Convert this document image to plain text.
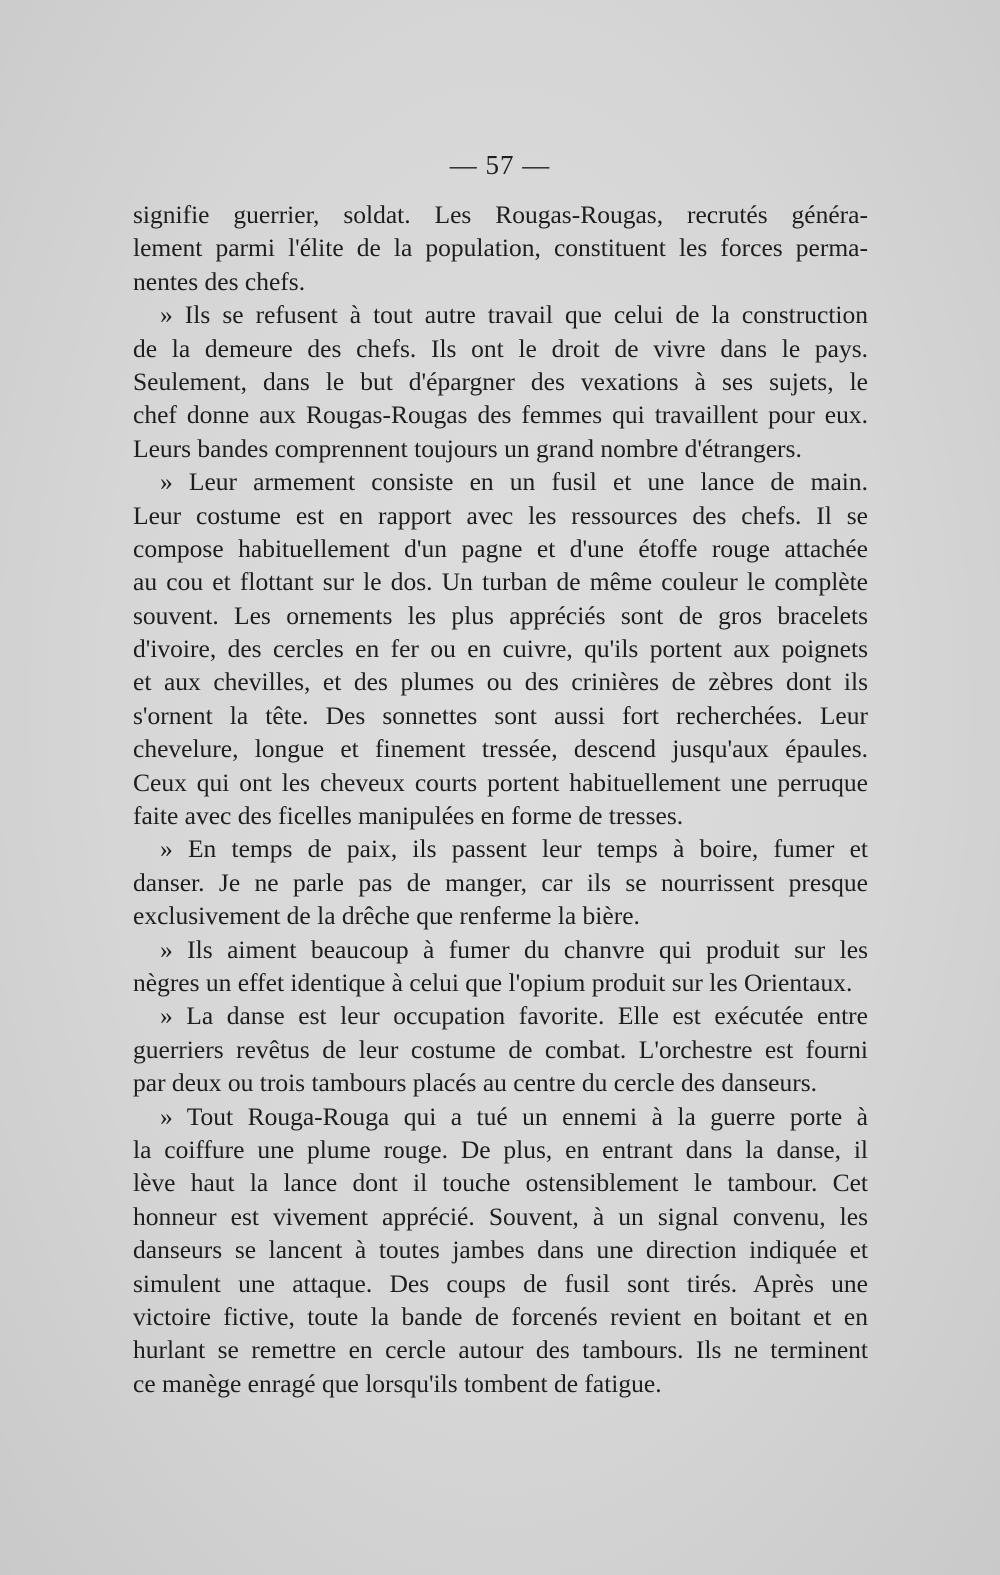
— 57 —
signifie guerrier, soldat. Les Rougas-Rougas, recrutés généra-
lement parmi l'élite de la population, constituent les forces perma-
nentes des chefs.
» Ils se refusent à tout autre travail que celui de la construction
de la demeure des chefs. Ils ont le droit de vivre dans le pays.
Seulement, dans le but d'épargner des vexations à ses sujets, le
chef donne aux Rougas-Rougas des femmes qui travaillent pour eux.
Leurs bandes comprennent toujours un grand nombre d'étrangers.
» Leur armement consiste en un fusil et une lance de main.
Leur costume est en rapport avec les ressources des chefs. Il se
compose habituellement d'un pagne et d'une étoffe rouge attachée
au cou et flottant sur le dos. Un turban de même couleur le complète
souvent. Les ornements les plus appréciés sont de gros bracelets
d'ivoire, des cercles en fer ou en cuivre, qu'ils portent aux poignets
et aux chevilles, et des plumes ou des crinières de zèbres dont ils
s'ornent la tête. Des sonnettes sont aussi fort recherchées. Leur
chevelure, longue et finement tressée, descend jusqu'aux épaules.
Ceux qui ont les cheveux courts portent habituellement une perruque
faite avec des ficelles manipulées en forme de tresses.
» En temps de paix, ils passent leur temps à boire, fumer et
danser. Je ne parle pas de manger, car ils se nourrissent presque
exclusivement de la drêche que renferme la bière.
» Ils aiment beaucoup à fumer du chanvre qui produit sur les
nègres un effet identique à celui que l'opium produit sur les Orientaux.
» La danse est leur occupation favorite. Elle est exécutée entre
guerriers revêtus de leur costume de combat. L'orchestre est fourni
par deux ou trois tambours placés au centre du cercle des danseurs.
» Tout Rouga-Rouga qui a tué un ennemi à la guerre porte à
la coiffure une plume rouge. De plus, en entrant dans la danse, il
lève haut la lance dont il touche ostensiblement le tambour. Cet
honneur est vivement apprécié. Souvent, à un signal convenu, les
danseurs se lancent à toutes jambes dans une direction indiquée et
simulent une attaque. Des coups de fusil sont tirés. Après une
victoire fictive, toute la bande de forcenés revient en boitant et en
hurlant se remettre en cercle autour des tambours. Ils ne terminent
ce manège enragé que lorsqu'ils tombent de fatigue.
